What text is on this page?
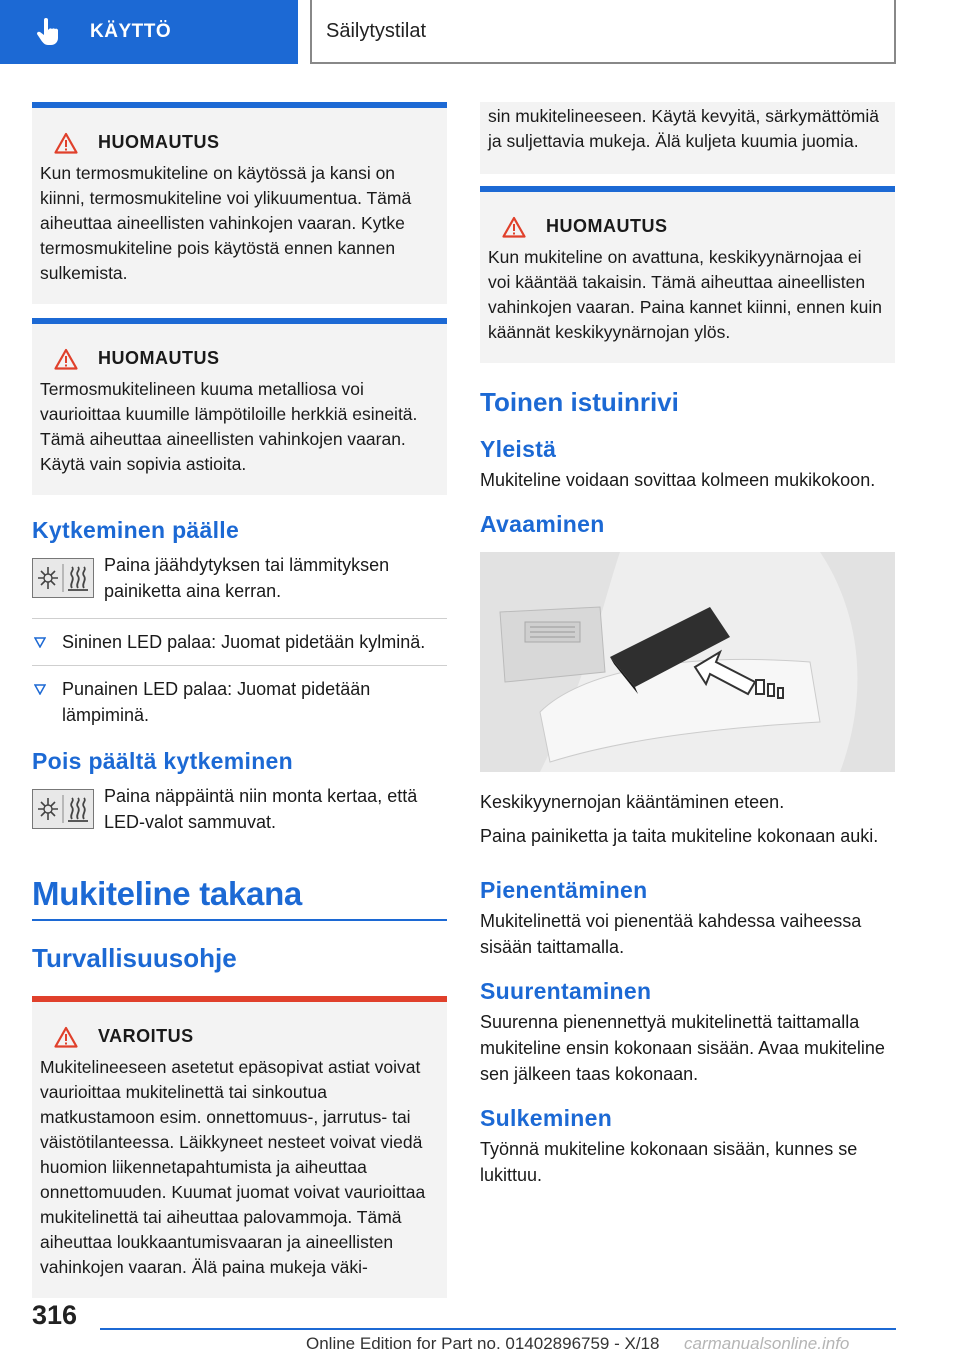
KÄYTTÖ	Säilytystilat
HUOMAUTUS

Kun termosmukiteline on käytössä ja kansi on kiinni, termosmukiteline voi ylikuumentua. Tämä aiheuttaa aineellisten vahinkojen vaaran. Kytke termosmukiteline pois käytöstä ennen kannen sulkemista.

HUOMAUTUS

Termosmukitelineen kuuma metalliosa voi vaurioittaa kuumille lämpötiloille herkkiä esineitä. Tämä aiheuttaa aineellisten vahinkojen vaaran. Käytä vain sopivia astioita.

Kytkeminen päälle

Paina jäähdytyksen tai lämmityksen painiketta aina kerran.

Sininen LED palaa: Juomat pidetään kylminä.
Punainen LED palaa: Juomat pidetään lämpiminä.
Pois päältä kytkeminen

Paina näppäintä niin monta kertaa, että LED-valot sammuvat.

Mukiteline takana
Turvallisuusohje
VAROITUS

Mukitelineeseen asetetut epäsopivat astiat voivat vaurioittaa mukitelinettä tai sinkoutua matkustamoon esim. onnettomuus-, jarrutus- tai väistötilanteessa. Läikkyneet nesteet voivat viedä huomion liikennetapahtumista ja aiheuttaa onnettomuuden. Kuumat juomat voivat vaurioittaa mukitelinettä tai aiheuttaa palovammoja. Tämä aiheuttaa loukkaantumisvaaran ja aineellisten vahinkojen vaaran. Älä paina mukeja väki-

sin mukitelineeseen. Käytä kevyitä, särkymättömiä ja suljettavia mukeja. Älä kuljeta kuumia juomia.

HUOMAUTUS

Kun mukiteline on avattuna, keskikyynärnojaa ei voi kääntää takaisin. Tämä aiheuttaa aineellisten vahinkojen vaaran. Paina kannet kiinni, ennen kuin käännät keskikyynärnojan ylös.

Toinen istuinrivi
Yleistä

Mukiteline voidaan sovittaa kolmeen mukikokoon.

Avaaminen

Keskikyynernojan kääntäminen eteen.

Paina painiketta ja taita mukiteline kokonaan auki.

Pienentäminen

Mukitelinettä voi pienentää kahdessa vaiheessa sisään taittamalla.

Suurentaminen

Suurenna pienennettyä mukitelinettä taittamalla mukiteline ensin kokonaan sisään. Avaa mukiteline sen jälkeen taas kokonaan.

Sulkeminen

Työnnä mukiteline kokonaan sisään, kunnes se lukittuu.

316
Online Edition for Part no. 01402896759 - X/18 carmanualsonline.info
